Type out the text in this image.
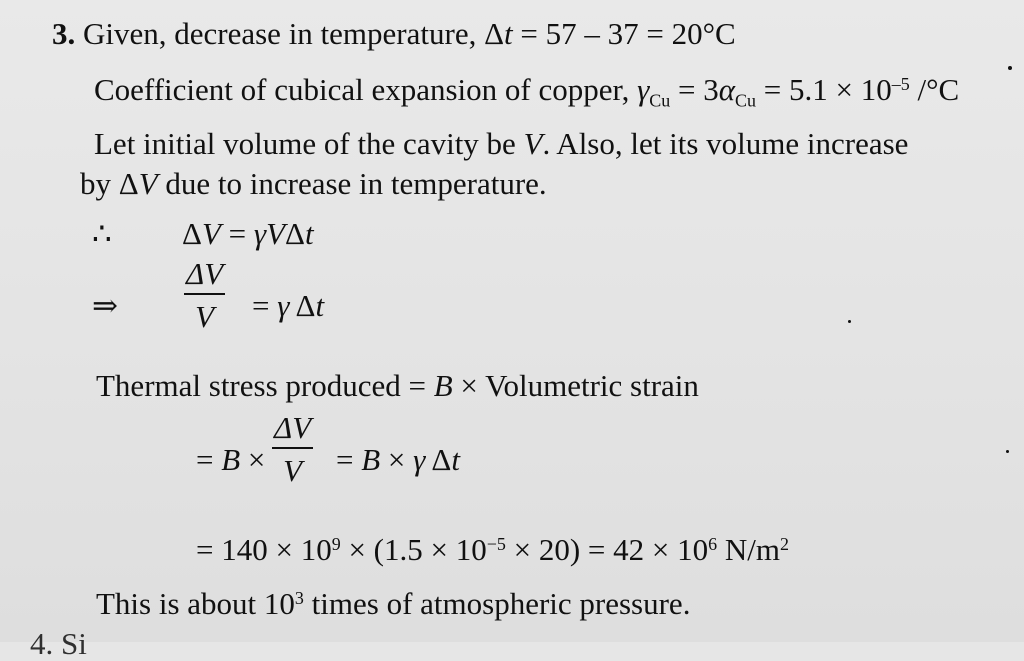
3. Given, decrease in temperature, Δt = 57 – 37 = 20°C
Coefficient of cubical expansion of copper, $\gamma_{Cu} = 3\alpha_{Cu} = 5.1 \times 10^{-5}$ /°C
Let initial volume of the cavity be V. Also, let its volume increase
by ΔV due to increase in temperature.
∴ ΔV = γVΔt
⇒ $\frac{\Delta V}{V} = \gamma$ Δt
Thermal stress produced = B × Volumetric strain
= $B \times \frac{\Delta V}{V} = B \times \gamma$ Δt
= $140 \times 10^9 \times (1.5 \times 10^{-5} \times 20) = 42 \times 10^6$ $N/m^2$
This is about $10^3$ times of atmospheric pressure.
4. Si
